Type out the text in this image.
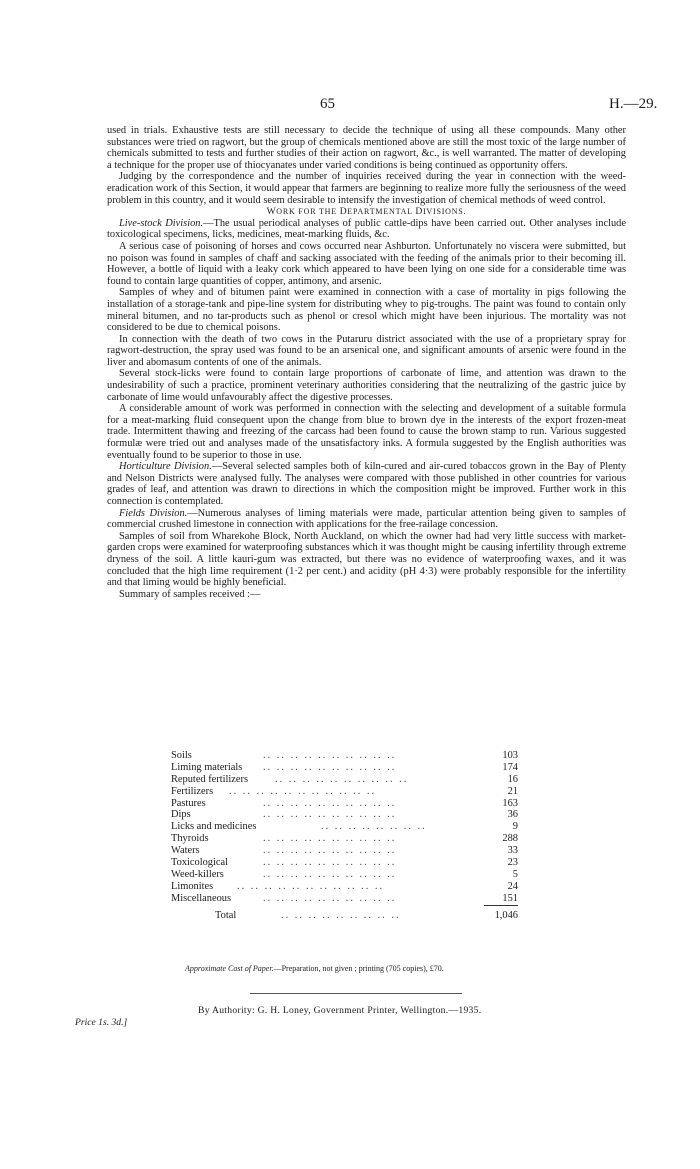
65	H.—29.

used in trials. Exhaustive tests are still necessary to decide the technique of using all these compounds. Many other substances were tried on ragwort, but the group of chemicals mentioned above are still the most toxic of the large number of chemicals submitted to tests and further studies of their action on ragwort, &c., is well warranted. The matter of developing a technique for the proper use of thiocyanates under varied conditions is being continued as opportunity offers.

Judging by the correspondence and the number of inquiries received during the year in connection with the weed-eradication work of this Section, it would appear that farmers are beginning to realize more fully the seriousness of the weed problem in this country, and it would seem desirable to intensify the investigation of chemical methods of weed control.

WORK FOR THE DEPARTMENTAL DIVISIONS.

Live-stock Division.—The usual periodical analyses of public cattle-dips have been carried out. Other analyses include toxicological specimens, licks, medicines, meat-marking fluids, &c.

A serious case of poisoning of horses and cows occurred near Ashburton. Unfortunately no viscera were submitted, but no poison was found in samples of chaff and sacking associated with the feeding of the animals prior to their becoming ill. However, a bottle of liquid with a leaky cork which appeared to have been lying on one side for a considerable time was found to contain large quantities of copper, antimony, and arsenic.

Samples of whey and of bitumen paint were examined in connection with a case of mortality in pigs following the installation of a storage-tank and pipe-line system for distributing whey to pig-troughs. The paint was found to contain only mineral bitumen, and no tar-products such as phenol or cresol which might have been injurious. The mortality was not considered to be due to chemical poisons.

In connection with the death of two cows in the Putaruru district associated with the use of a proprietary spray for ragwort-destruction, the spray used was found to be an arsenical one, and significant amounts of arsenic were found in the liver and abomasum contents of one of the animals.

Several stock-licks were found to contain large proportions of carbonate of lime, and attention was drawn to the undesirability of such a practice, prominent veterinary authorities considering that the neutralizing of the gastric juice by carbonate of lime would unfavourably affect the digestive processes.

A considerable amount of work was performed in connection with the selecting and development of a suitable formula for a meat-marking fluid consequent upon the change from blue to brown dye in the interests of the export frozen-meat trade. Intermittent thawing and freezing of the carcass had been found to cause the brown stamp to run. Various suggested formulæ were tried out and analyses made of the unsatisfactory inks. A formula suggested by the English authorities was eventually found to be superior to those in use.

Horticulture Division.—Several selected samples both of kiln-cured and air-cured tobaccos grown in the Bay of Plenty and Nelson Districts were analysed fully. The analyses were compared with those published in other countries for various grades of leaf, and attention was drawn to directions in which the composition might be improved. Further work in this connection is contemplated.

Fields Division.—Numerous analyses of liming materials were made, particular attention being given to samples of commercial crushed limestone in connection with applications for the free-railage concession.

Samples of soil from Wharekohe Block, North Auckland, on which the owner had had very little success with market-garden crops were examined for waterproofing substances which it was thought might be causing infertility through extreme dryness of the soil. A little kauri-gum was extracted, but there was no evidence of waterproofing waxes, and it was concluded that the high lime requirement (1·2 per cent.) and acidity (pH 4·3) were probably responsible for the infertility and that liming would be highly beneficial.

Summary of samples received :—

Soils	.. .. .. .. .. .. .. .. .. ..	103
Liming materials .. .. .. .. .. .. .. .. .. ..	174
Reputed fertilizers	.. .. .. .. .. .. .. .. .. ..	16
Fertilizers .. .. .. .. .. .. .. .. .. .. ..	21
Pastures	.. .. .. .. .. .. .. .. .. ..	163
Dips	.. .. .. .. .. .. .. .. .. ..	36
Licks and medicines	.. .. .. .. .. .. .. ..	9
Thyroids	.. .. .. .. .. .. .. .. .. ..	288
Waters	.. .. .. .. .. .. .. .. .. ..	33
Toxicological	.. .. .. .. .. .. .. .. .. ..	23
Weed-killers	.. .. .. .. .. .. .. .. .. ..	5
Limonites .. .. .. .. .. .. .. .. .. .. ..	24
Miscellaneous	.. .. .. .. .. .. .. .. .. ..	151
Total	.. .. .. .. .. .. .. .. ..	1,046
Approximate Cost of Paper.—Preparation, not given ; printing (705 copies), £70.
By Authority: G. H. Loney, Government Printer, Wellington.—1935.
Price 1s. 3d.]
